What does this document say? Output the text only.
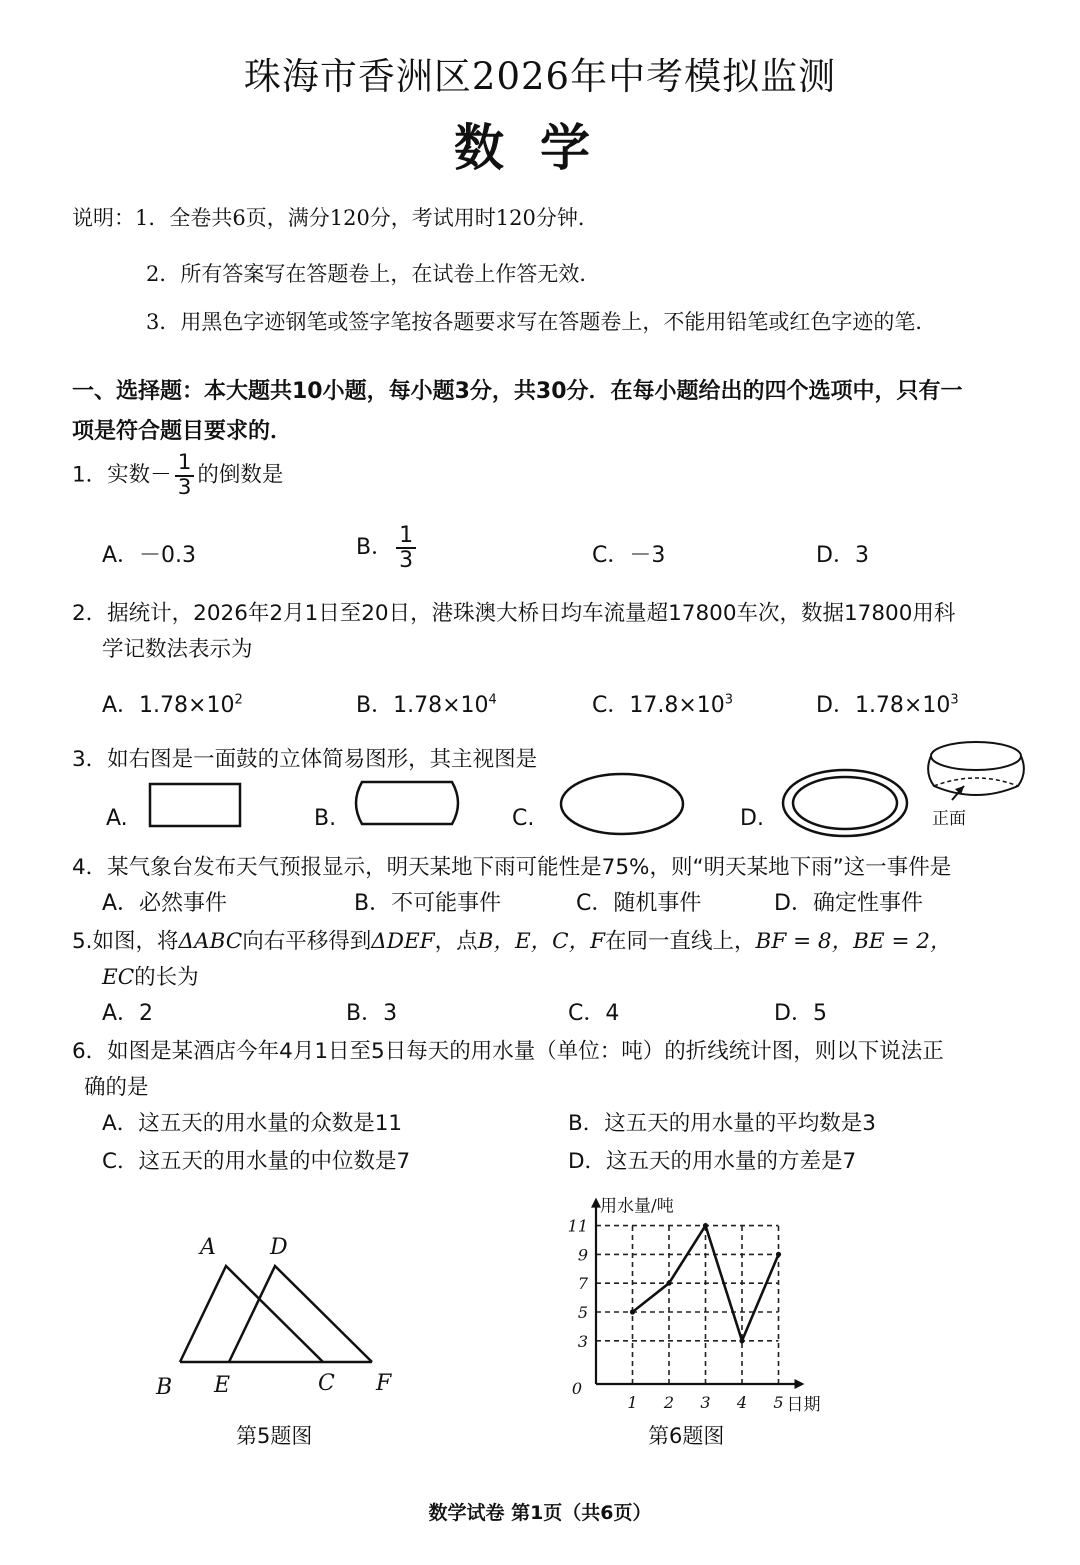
珠海市香洲区2026年中考模拟监测
数学
说明：1．全卷共6页，满分120分，考试用时120分钟．
2．所有答案写在答题卷上，在试卷上作答无效．
3．用黑色字迹钢笔或签字笔按各题要求写在答题卷上，不能用铅笔或红色字迹的笔．
一、选择题：本大题共10小题，每小题3分，共30分．在每小题给出的四个选项中，只有一
项是符合题目要求的．
1．实数－ $\frac{1}{3}$ 的倒数是
A．－0.3	B． $\frac{1}{3}$	C．－3	D．3
2．据统计，2026年2月1日至20日，港珠澳大桥日均车流量超17800车次，数据17800用科
学记数法表示为
A．$1.78\times 10^2$	B．$1.78\times 10^4$	C．$17.8\times 10^3$	D．$1.78\times 10^3$
3．如右图是一面鼓的立体简易图形，其主视图是
A.	B.	C.	D.	正面
4．某气象台发布天气预报显示，明天某地下雨可能性是75%，则“明天某地下雨”这一事件是
A．必然事件	B．不可能事件	C．随机事件	D．确定性事件
5.如图，将ΔABC向右平移得到ΔDEF，点B，E，C，F在同一直线上，BF = 8，BE = 2，
EC的长为
A．2	B．3	C．4	D．5
6．如图是某酒店今年4月1日至5日每天的用水量（单位：吨）的折线统计图，则以下说法正
确的是
A．这五天的用水量的众数是11	B．这五天的用水量的平均数是3
C．这五天的用水量的中位数是7	D．这五天的用水量的方差是7
A D
B E	C F
第5题图
3
5
7
9
11
1 2 3 4 5
0
用水量/吨
日期
第6题图
数学试卷 第1页（共6页）
